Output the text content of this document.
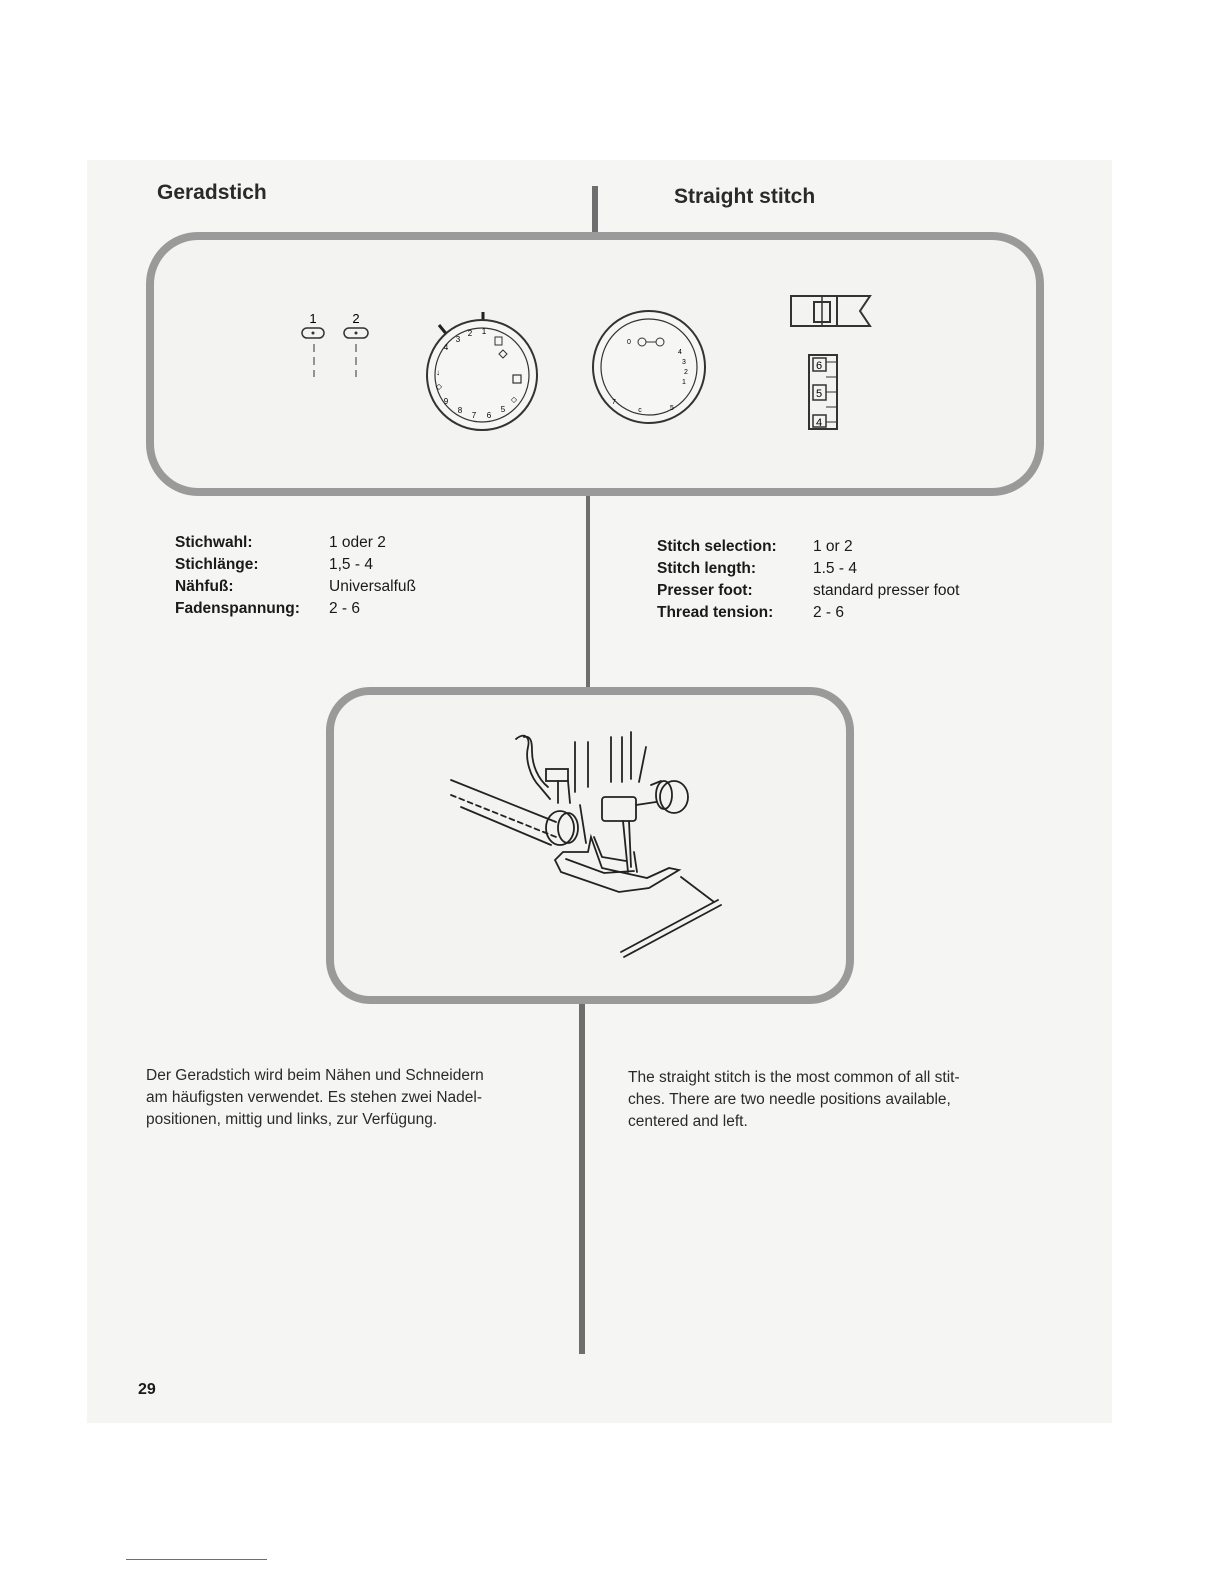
Geradstich	Straight stitch
1	2
4
3
2 1
↓
◇
9
8
7 6
5
◇
0
4
3
2
1
7
c	5
6
5
4
Stichwahl:	1 oder 2
Stichlänge:	1,5 - 4
Nähfuß:	Universalfuß
Fadenspannung:	2 - 6
Stitch selection:	1 or 2
Stitch length:	1.5 - 4
Presser foot:	standard presser foot
Thread tension:	2 - 6
Der Geradstich wird beim Nähen und Schneidern
am häufigsten verwendet. Es stehen zwei Nadel-
positionen, mittig und links, zur Verfügung.
The straight stitch is the most common of all stit-
ches. There are two needle positions available,
centered and left.
29
